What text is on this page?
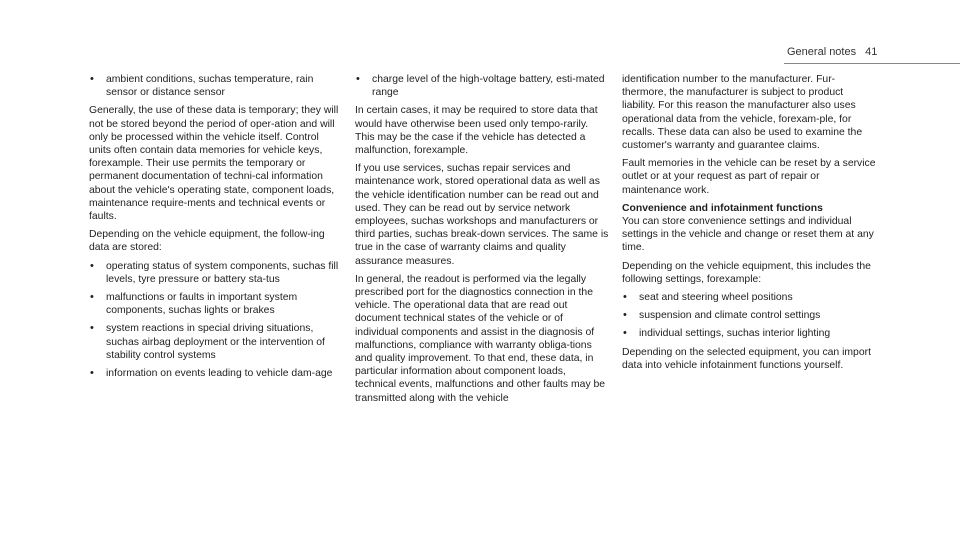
General notes 41
• ambient conditions, suchas temperature, rain sensor or distance sensor

Generally, the use of these data is temporary; they will not be stored beyond the period of oper-ation and will only be processed within the vehicle itself. Control units often contain data memories for vehicle keys, forexample. Their use permits the temporary or permanent documentation of techni-cal information about the vehicle's operating state, component loads, maintenance require-ments and technical events or faults.

Depending on the vehicle equipment, the follow-ing data are stored:

• operating status of system components, suchas fill levels, tyre pressure or battery sta-tus
• malfunctions or faults in important system components, suchas lights or brakes
• system reactions in special driving situations, suchas airbag deployment or the intervention of stability control systems
• information on events leading to vehicle dam-age
• charge level of the high-voltage battery, esti-mated range

In certain cases, it may be required to store data that would have otherwise been used only tempo-rarily. This may be the case if the vehicle has detected a malfunction, forexample.

If you use services, suchas repair services and maintenance work, stored operational data as well as the vehicle identification number can be read out and used. They can be read out by service network employees, suchas workshops and manufacturers or third parties, suchas break-down services. The same is true in the case of warranty claims and quality assurance measures.

In general, the readout is performed via the legally prescribed port for the diagnostics connection in the vehicle. The operational data that are read out document technical states of the vehicle or of individual components and assist in the diagnosis of malfunctions, compliance with warranty obliga-tions and quality improvement. To that end, these data, in particular information about component loads, technical events, malfunctions and other faults may be transmitted along with the vehicle

identification number to the manufacturer. Fur-thermore, the manufacturer is subject to product liability. For this reason the manufacturer also uses operational data from the vehicle, forexam-ple, for recalls. These data can also be used to examine the customer's warranty and guarantee claims.

Fault memories in the vehicle can be reset by a service outlet or at your request as part of repair or maintenance work.

Convenience and infotainment functions

You can store convenience settings and individual settings in the vehicle and change or reset them at any time.

Depending on the vehicle equipment, this includes the following settings, forexample:

• seat and steering wheel positions
• suspension and climate control settings
• individual settings, suchas interior lighting

Depending on the selected equipment, you can import data into vehicle infotainment functions yourself.
